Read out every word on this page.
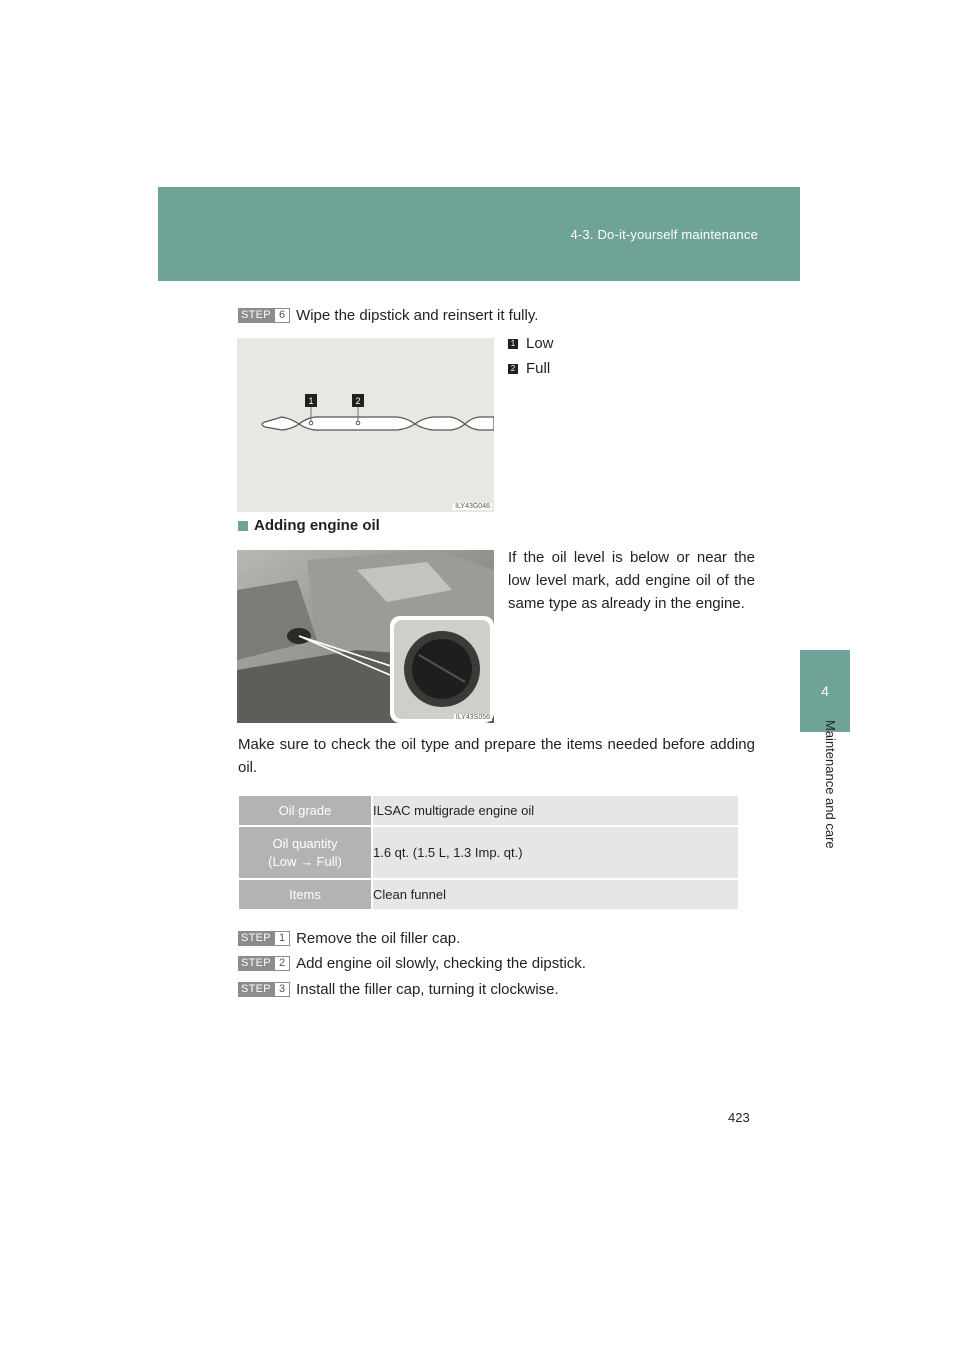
4-3. Do-it-yourself maintenance
4
Maintenance and care
STEP 6 Wipe the dipstick and reinsert it fully.
1	2
ILY43G046
1 Low
2 Full
Adding engine oil
ILY43S056
If the oil level is below or near the low level mark, add engine oil of the same type as already in the engine.
Make sure to check the oil type and prepare the items needed before adding oil.
Oil grade	ILSAC multigrade engine oil

Oil quantity
(Low → Full)	1.6 qt. (1.5 L, 1.3 Imp. qt.)
Items	Clean funnel
STEP 1 Remove the oil filler cap.
STEP 2 Add engine oil slowly, checking the dipstick.
STEP 3 Install the filler cap, turning it clockwise.
423
